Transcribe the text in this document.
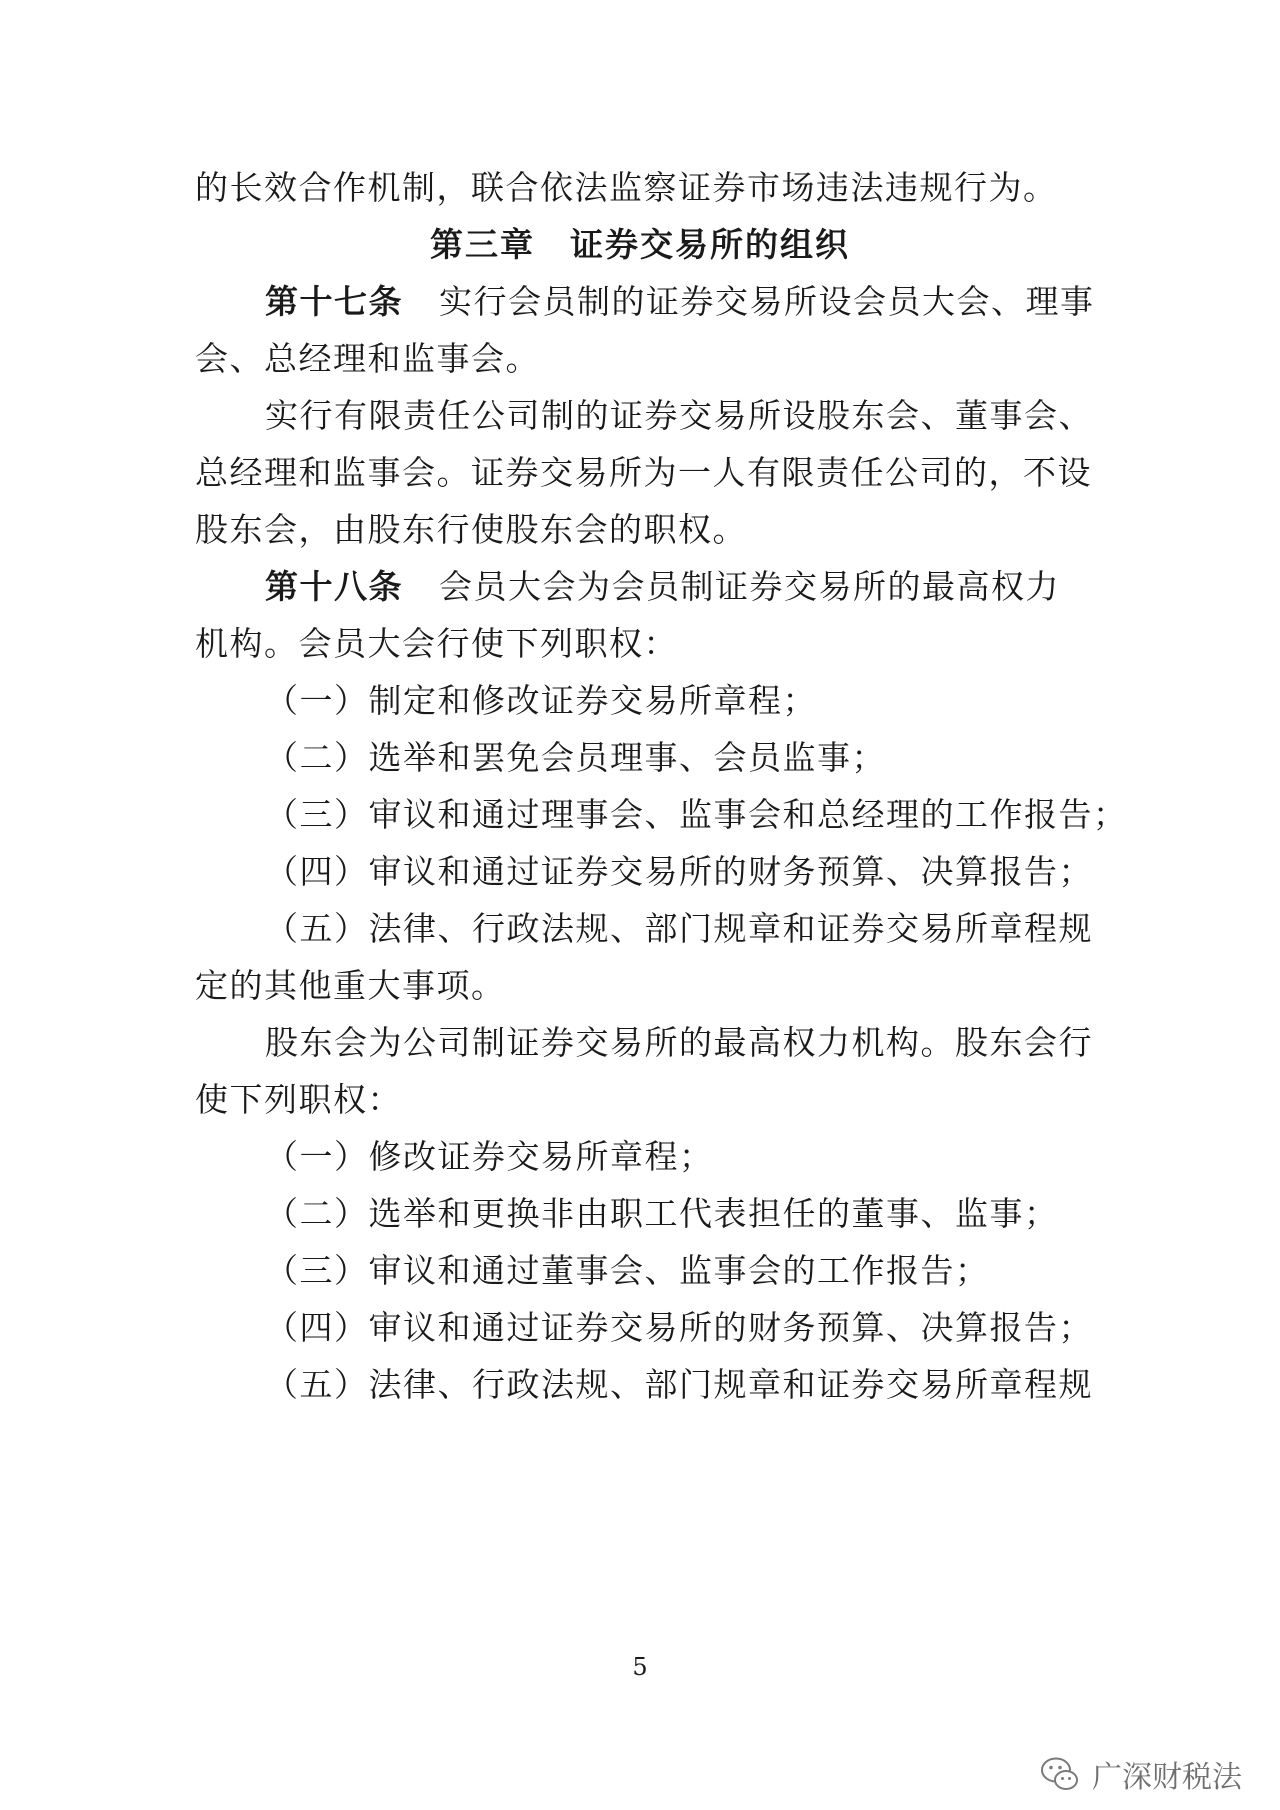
的长效合作机制，联合依法监察证券市场违法违规行为。
第三章　证券交易所的组织
第十七条 实行会员制的证券交易所设会员大会、理事
会、总经理和监事会。
实行有限责任公司制的证券交易所设股东会、董事会、
总经理和监事会。证券交易所为一人有限责任公司的，不设
股东会，由股东行使股东会的职权。
第十八条 会员大会为会员制证券交易所的最高权力
机构。会员大会行使下列职权：
（一）制定和修改证券交易所章程；
（二）选举和罢免会员理事、会员监事；
（三）审议和通过理事会、监事会和总经理的工作报告；
（四）审议和通过证券交易所的财务预算、决算报告；
（五）法律、行政法规、部门规章和证券交易所章程规
定的其他重大事项。
股东会为公司制证券交易所的最高权力机构。股东会行
使下列职权：
（一）修改证券交易所章程；
（二）选举和更换非由职工代表担任的董事、监事；
（三）审议和通过董事会、监事会的工作报告；
（四）审议和通过证券交易所的财务预算、决算报告；
（五）法律、行政法规、部门规章和证券交易所章程规
5
广深财税法
